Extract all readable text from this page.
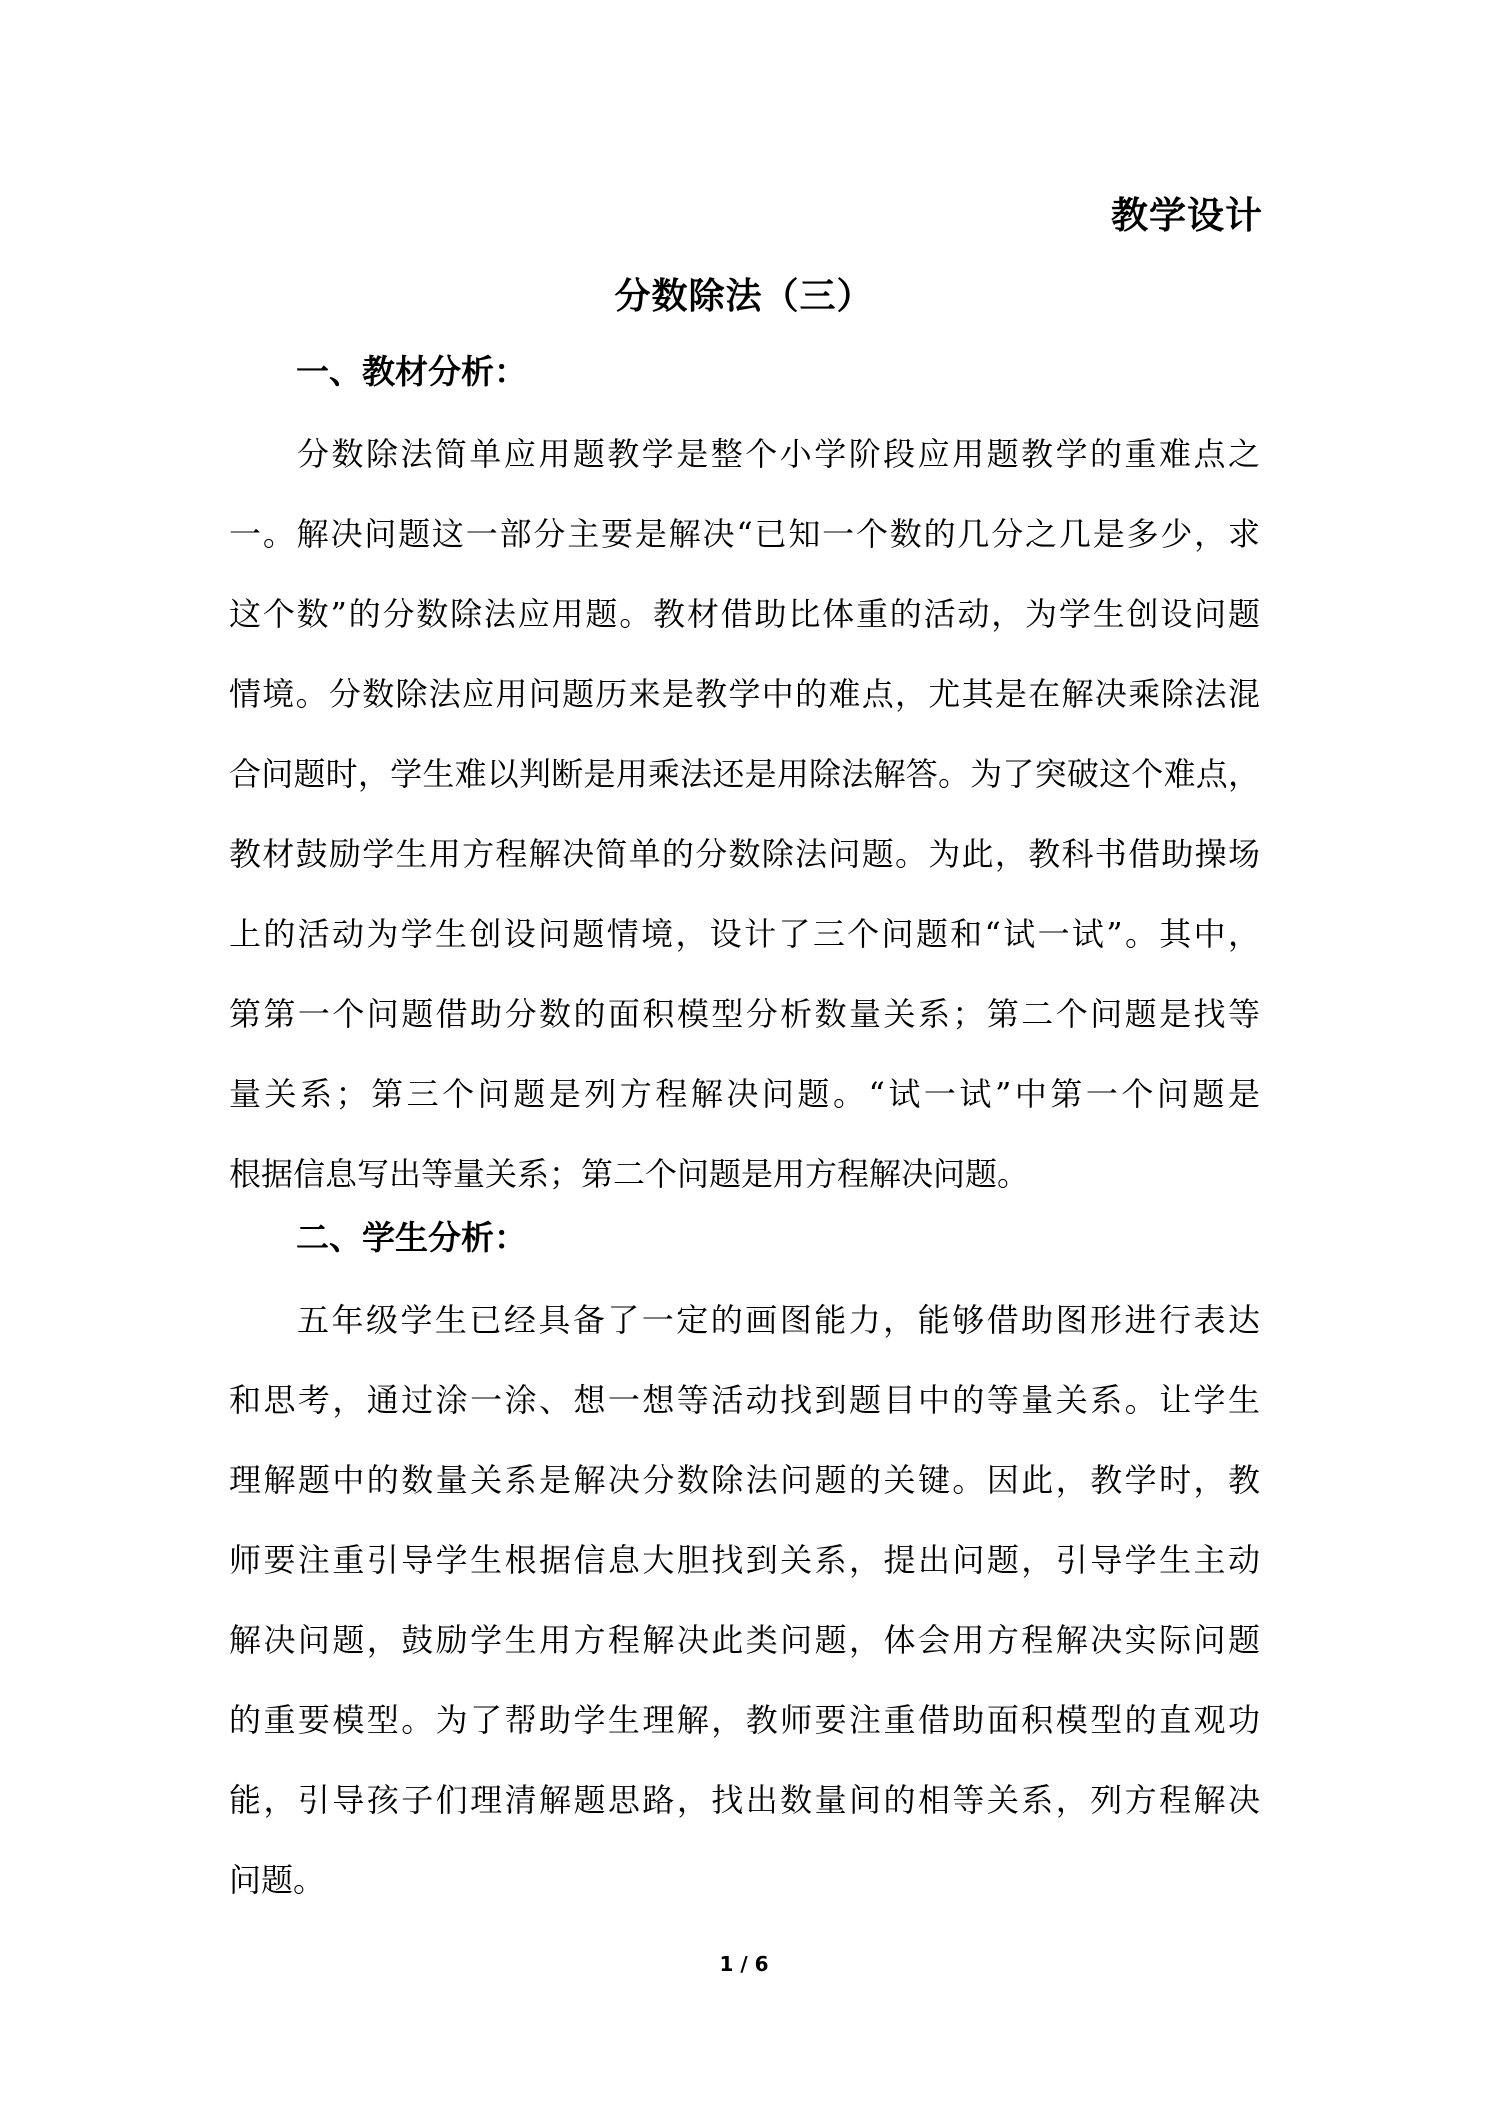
教学设计
分数除法（三）
一、教材分析：
分数除法简单应用题教学是整个小学阶段应用题教学的重难点之
一。解决问题这一部分主要是解决“已知一个数的几分之几是多少，求
这个数”的分数除法应用题。教材借助比体重的活动，为学生创设问题
情境。分数除法应用问题历来是教学中的难点，尤其是在解决乘除法混
合问题时，学生难以判断是用乘法还是用除法解答。为了突破这个难点，
教材鼓励学生用方程解决简单的分数除法问题。为此，教科书借助操场
上的活动为学生创设问题情境，设计了三个问题和“试一试”。其中，
第第一个问题借助分数的面积模型分析数量关系；第二个问题是找等
量关系；第三个问题是列方程解决问题。“试一试”中第一个问题是
根据信息写出等量关系；第二个问题是用方程解决问题。
二、学生分析：
五年级学生已经具备了一定的画图能力，能够借助图形进行表达
和思考，通过涂一涂、想一想等活动找到题目中的等量关系。让学生
理解题中的数量关系是解决分数除法问题的关键。因此，教学时，教
师要注重引导学生根据信息大胆找到关系，提出问题，引导学生主动
解决问题，鼓励学生用方程解决此类问题，体会用方程解决实际问题
的重要模型。为了帮助学生理解，教师要注重借助面积模型的直观功
能，引导孩子们理清解题思路，找出数量间的相等关系，列方程解决
问题。
1 / 6
